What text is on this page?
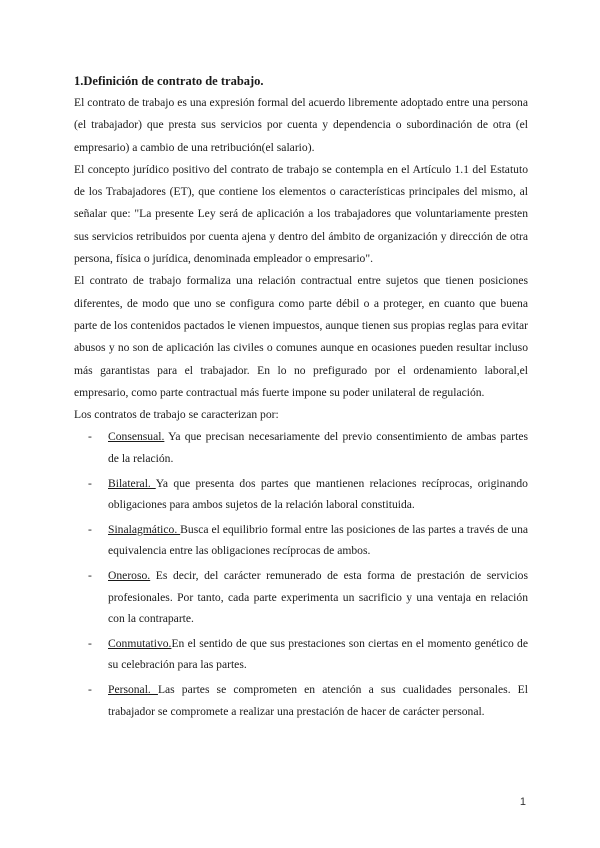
1.Definición de contrato de trabajo.

El contrato de trabajo es una expresión formal del acuerdo libremente adoptado entre una persona (el trabajador) que presta sus servicios por cuenta y dependencia o subordinación de otra (el empresario) a cambio de una retribución(el salario).

El concepto jurídico positivo del contrato de trabajo se contempla en el Artículo 1.1 del Estatuto de los Trabajadores (ET), que contiene los elementos o características principales del mismo, al señalar que: "La presente Ley será de aplicación a los trabajadores que voluntariamente presten sus servicios retribuidos por cuenta ajena y dentro del ámbito de organización y dirección de otra persona, física o jurídica, denominada empleador o empresario".

El contrato de trabajo formaliza una relación contractual entre sujetos que tienen posiciones diferentes, de modo que uno se configura como parte débil o a proteger, en cuanto que buena parte de los contenidos pactados le vienen impuestos, aunque tienen sus propias reglas para evitar abusos y no son de aplicación las civiles o comunes aunque en ocasiones pueden resultar incluso más garantistas para el trabajador. En lo no prefigurado por el ordenamiento laboral,el empresario, como parte contractual más fuerte impone su poder unilateral de regulación.

Los contratos de trabajo se caracterizan por:

- Consensual. Ya que precisan necesariamente del previo consentimiento de ambas partes de la relación.
- Bilateral. Ya que presenta dos partes que mantienen relaciones recíprocas, originando obligaciones para ambos sujetos de la relación laboral constituida.
- Sinalagmático. Busca el equilibrio formal entre las posiciones de las partes a través de una equivalencia entre las obligaciones recíprocas de ambos.
- Oneroso. Es decir, del carácter remunerado de esta forma de prestación de servicios profesionales. Por tanto, cada parte experimenta un sacrificio y una ventaja en relación con la contraparte.
- Conmutativo.En el sentido de que sus prestaciones son ciertas en el momento genético de su celebración para las partes.
- Personal. Las partes se comprometen en atención a sus cualidades personales. El trabajador se compromete a realizar una prestación de hacer de carácter personal.
1
